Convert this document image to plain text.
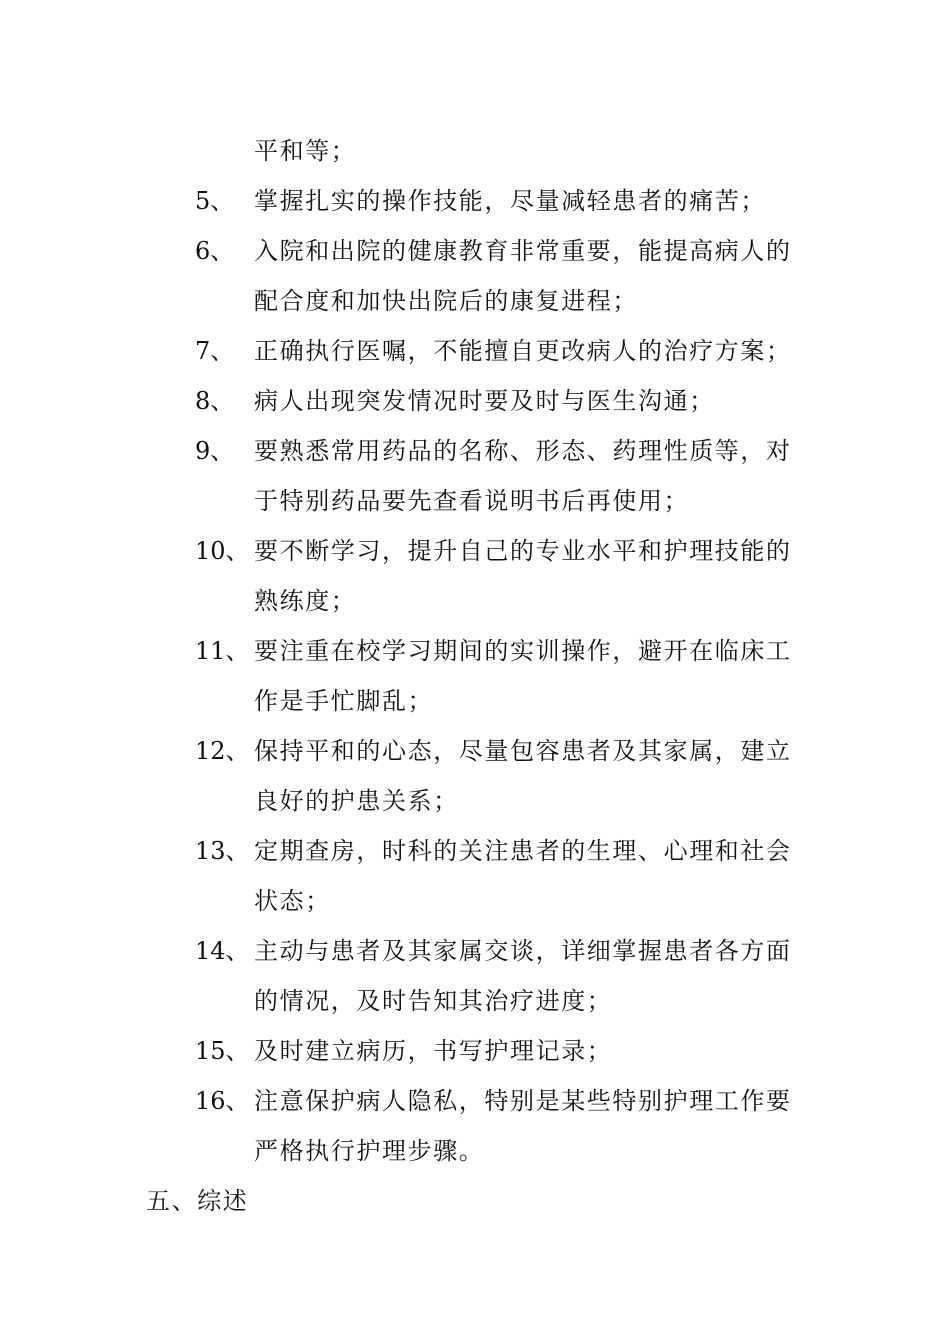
平和等；
5、 掌握扎实的操作技能，尽量减轻患者的痛苦；
6、 入院和出院的健康教育非常重要，能提高病人的
配合度和加快出院后的康复进程；
7、 正确执行医嘱，不能擅自更改病人的治疗方案；
8、 病人出现突发情况时要及时与医生沟通；
9、 要熟悉常用药品的名称、形态、药理性质等，对
于特别药品要先查看说明书后再使用；
10、 要不断学习，提升自己的专业水平和护理技能的
熟练度；
11、 要注重在校学习期间的实训操作，避开在临床工
作是手忙脚乱；
12、 保持平和的心态，尽量包容患者及其家属，建立
良好的护患关系；
13、 定期查房，时科的关注患者的生理、心理和社会
状态；
14、 主动与患者及其家属交谈，详细掌握患者各方面
的情况，及时告知其治疗进度；
15、 及时建立病历，书写护理记录；
16、 注意保护病人隐私，特别是某些特别护理工作要
严格执行护理步骤。
五、综述
